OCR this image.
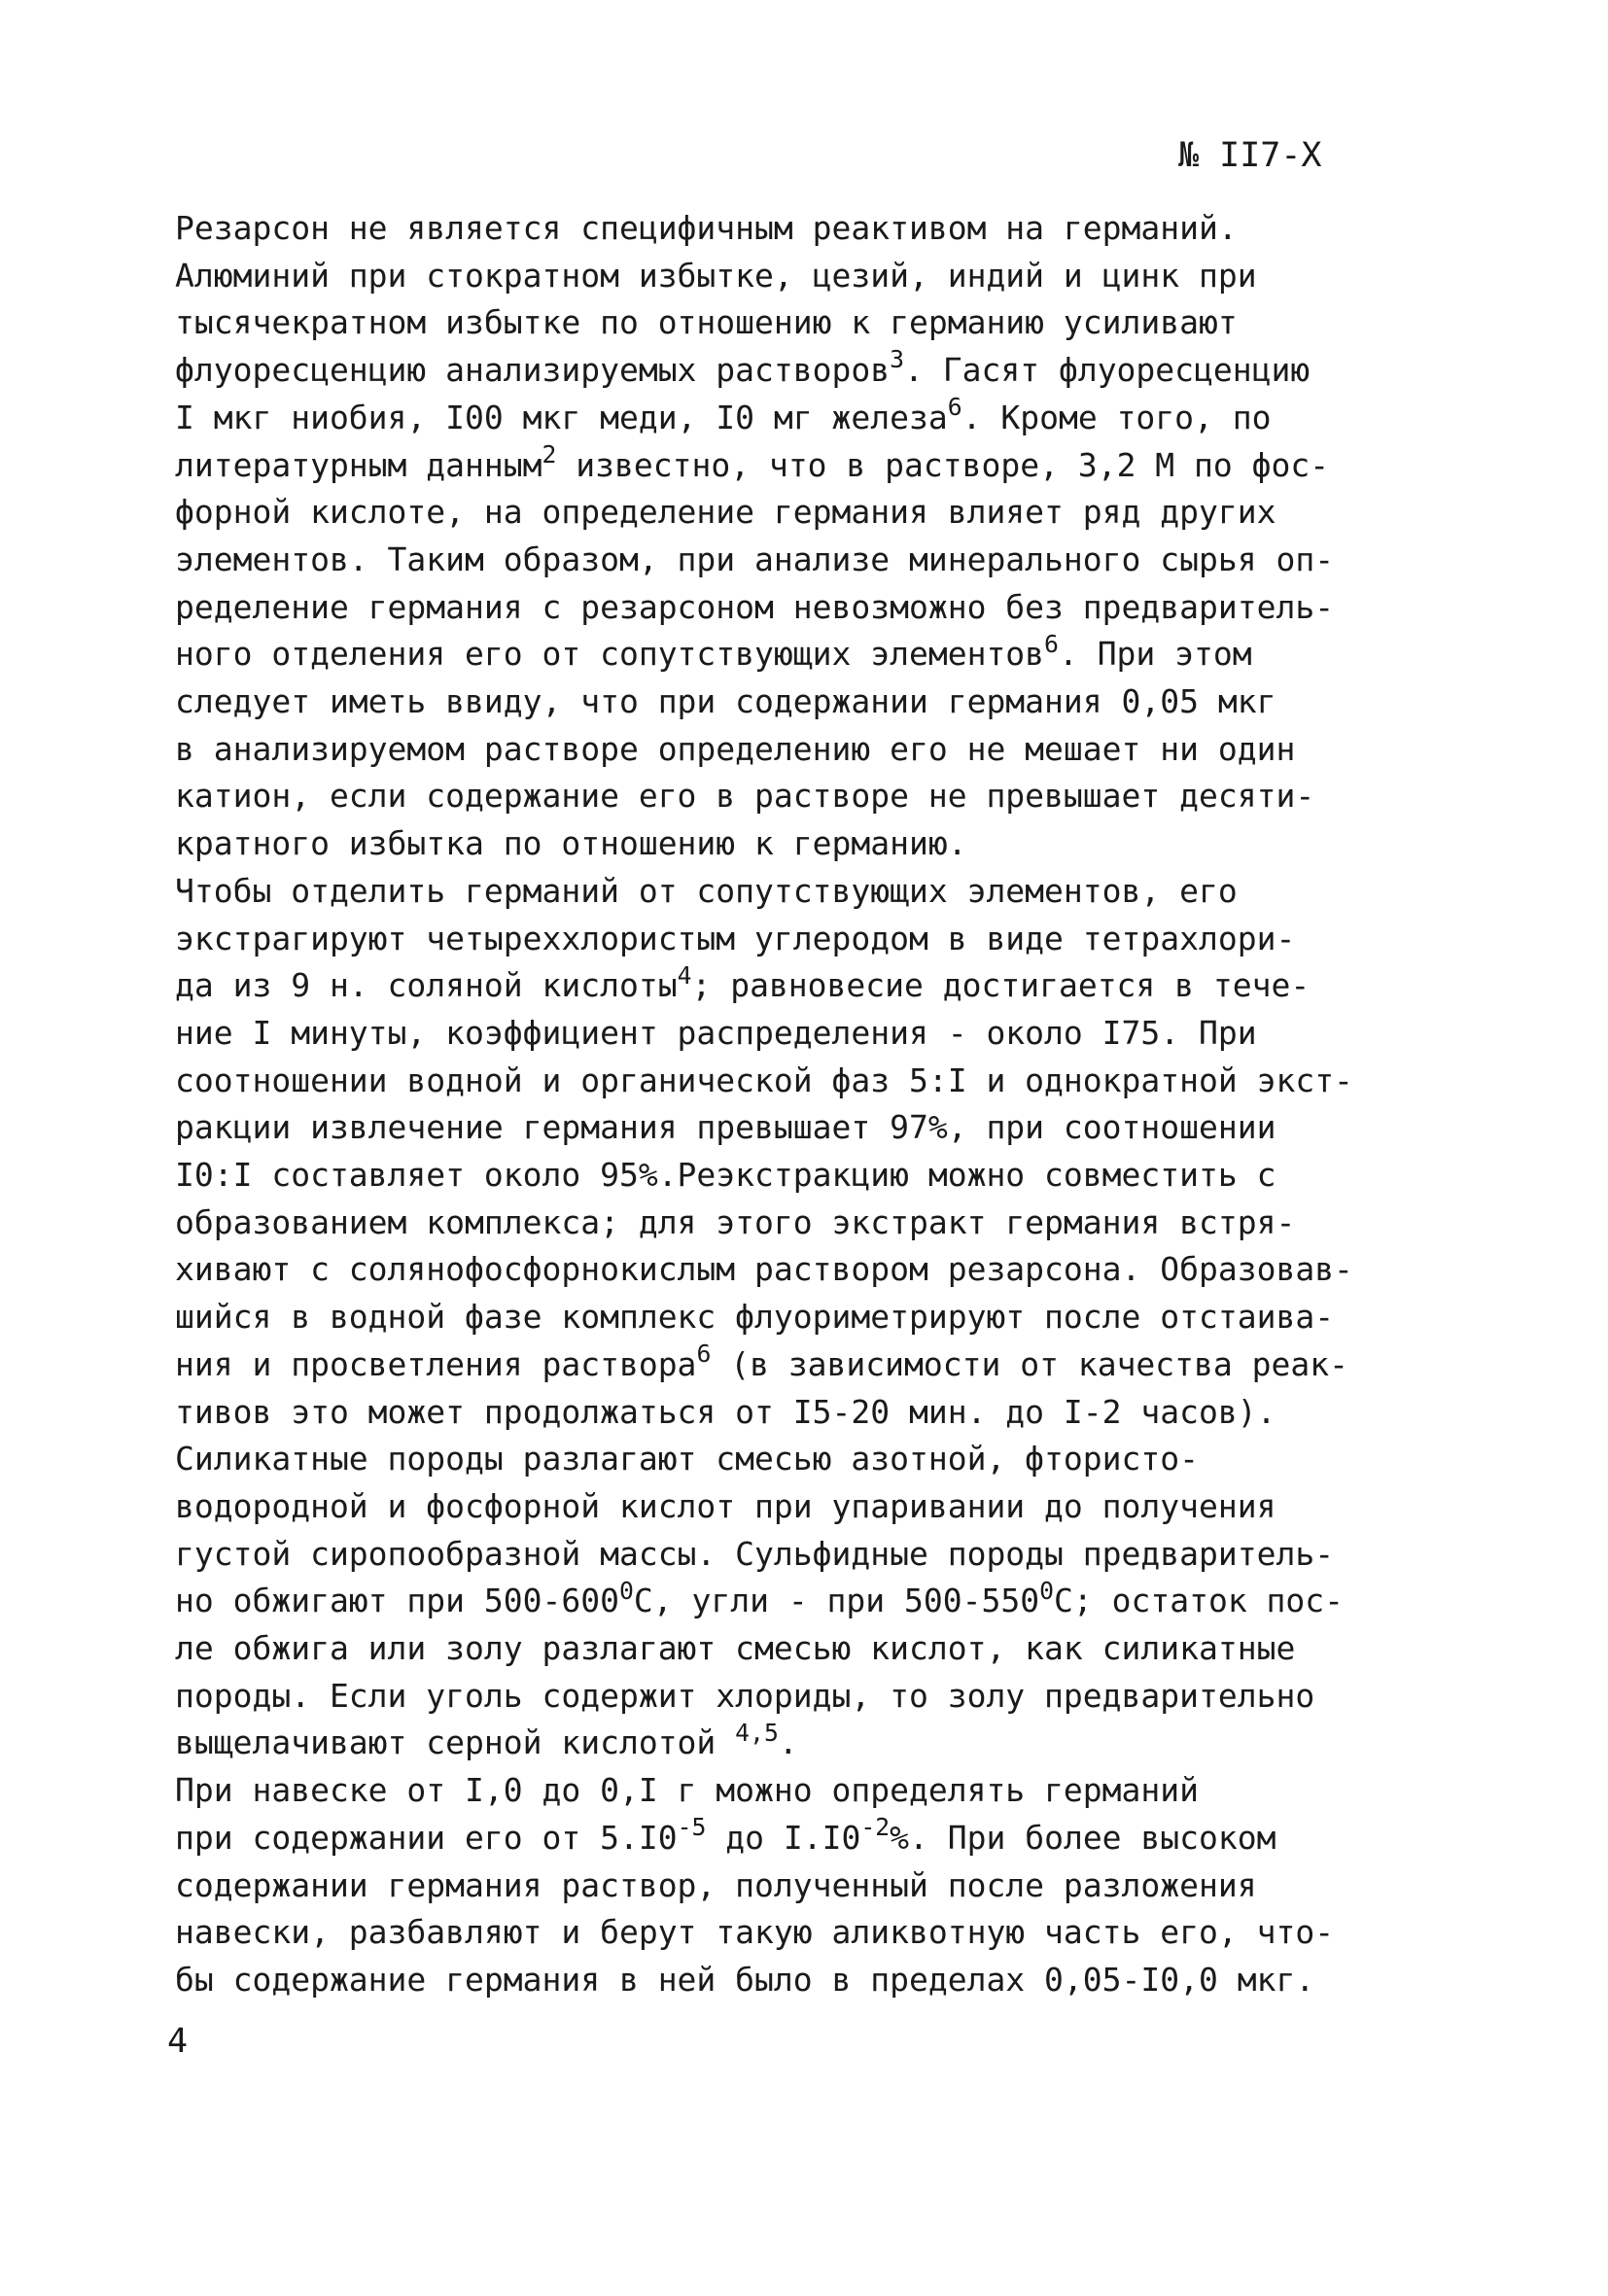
№ II7-X
Резарсон не является специфичным реактивом на германий.
Алюминий при стократном избытке, цезий, индий и цинк при
тысячекратном избытке по отношению к германию усиливают
флуоресценцию анализируемых растворов$^3$. Гасят флуоресценцию
I мкг ниобия, I00 мкг меди, I0 мг железа$^6$. Кроме того, по
литературным данным$^2$ известно, что в растворе, 3,2 М по фос-
форной кислоте, на определение германия влияет ряд других
элементов. Таким образом, при анализе минерального сырья оп-
ределение германия с резарсоном невозможно без предваритель-
ного отделения его от сопутствующих элементов$^6$. При этом
следует иметь ввиду, что при содержании германия 0,05 мкг
в анализируемом растворе определению его не мешает ни один
катион, если содержание его в растворе не превышает десяти-
кратного избытка по отношению к германию.
Чтобы отделить германий от сопутствующих элементов, его
экстрагируют четыреххлористым углеродом в виде тетрахлори-
да из 9 н. соляной кислоты$^4$; равновесие достигается в тече-
ние I минуты, коэффициент распределения - около I75. При
соотношении водной и органической фаз 5:I и однократной экст-
ракции извлечение германия превышает 97%, при соотношении
I0:I составляет около 95%.Реэкстракцию можно совместить с
образованием комплекса; для этого экстракт германия встря-
хивают с солянофосфорнокислым раствором резарсона. Образовав-
шийся в водной фазе комплекс флуориметрируют после отстаива-
ния и просветления раствора$^6$ (в зависимости от качества реак-
тивов это может продолжаться от I5-20 мин. до I-2 часов).
Силикатные породы разлагают смесью азотной, фтористо-
водородной и фосфорной кислот при упаривании до получения
густой сиропообразной массы. Сульфидные породы предваритель-
но обжигают при $500-600^0С$, угли - при $500-550^0С$; остаток пос-
ле обжига или золу разлагают смесью кислот, как силикатные
породы. Если уголь содержит хлориды, то золу предварительно
выщелачивают серной кислотой $^{4,5}$.
При навеске от I,0 до 0,I г можно определять германий
при содержании его от $5.I0^{-5}$ до $I.I0^{-2}\%$. При более высоком
содержании германия раствор, полученный после разложения
навески, разбавляют и берут такую аликвотную часть его, что-
бы содержание германия в ней было в пределах 0,05-I0,0 мкг.
4
